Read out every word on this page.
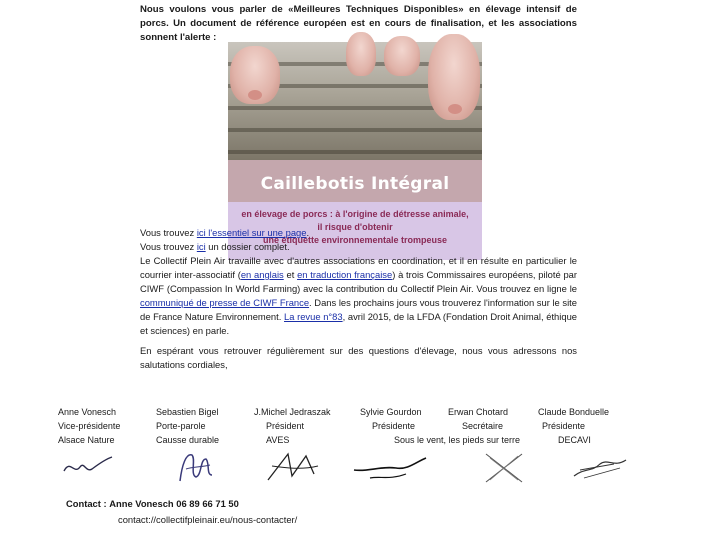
Nous voulons vous parler de «Meilleures Techniques Disponibles» en élevage intensif de porcs. Un document de référence européen est en cours de finalisation, et les associations sonnent l'alerte :
Caillebotis Intégral
en élevage de porcs : à l'origine de détresse animale,
il risque d'obtenir
une étiquette environnementale trompeuse

Vous trouvez ici l'essentiel sur une page.

Vous trouvez ici un dossier complet.

Le Collectif Plein Air travaille avec d'autres associations en coordination, et il en résulte en particulier le courrier inter-associatif (en anglais et en traduction française) à trois Commissaires européens, piloté par CIWF (Compassion In World Farming) avec la contribution du Collectif Plein Air. Vous trouvez en ligne le communiqué de presse de CIWF France. Dans les prochains jours vous trouverez l'information sur le site de France Nature Environnement. La revue n°83, avril 2015, de la LFDA (Fondation Droit Animal, éthique et sciences) en parle.

En espérant vous retrouver régulièrement sur des questions d'élevage, nous vous adressons nos salutations cordiales,

Anne Vonesch
Vice-présidente
Alsace Nature
Sebastien Bigel
Porte-parole
Causse durable
J.Michel Jedraszak
Président
AVES
Sylvie Gourdon
Présidente
Sous le vent, les pieds sur terre
Erwan Chotard
Secrétaire
Claude Bonduelle
Présidente
DECAVI
Contact : Anne Vonesch 06 89 66 71 50
contact://collectifpleinair.eu/nous-contacter/
